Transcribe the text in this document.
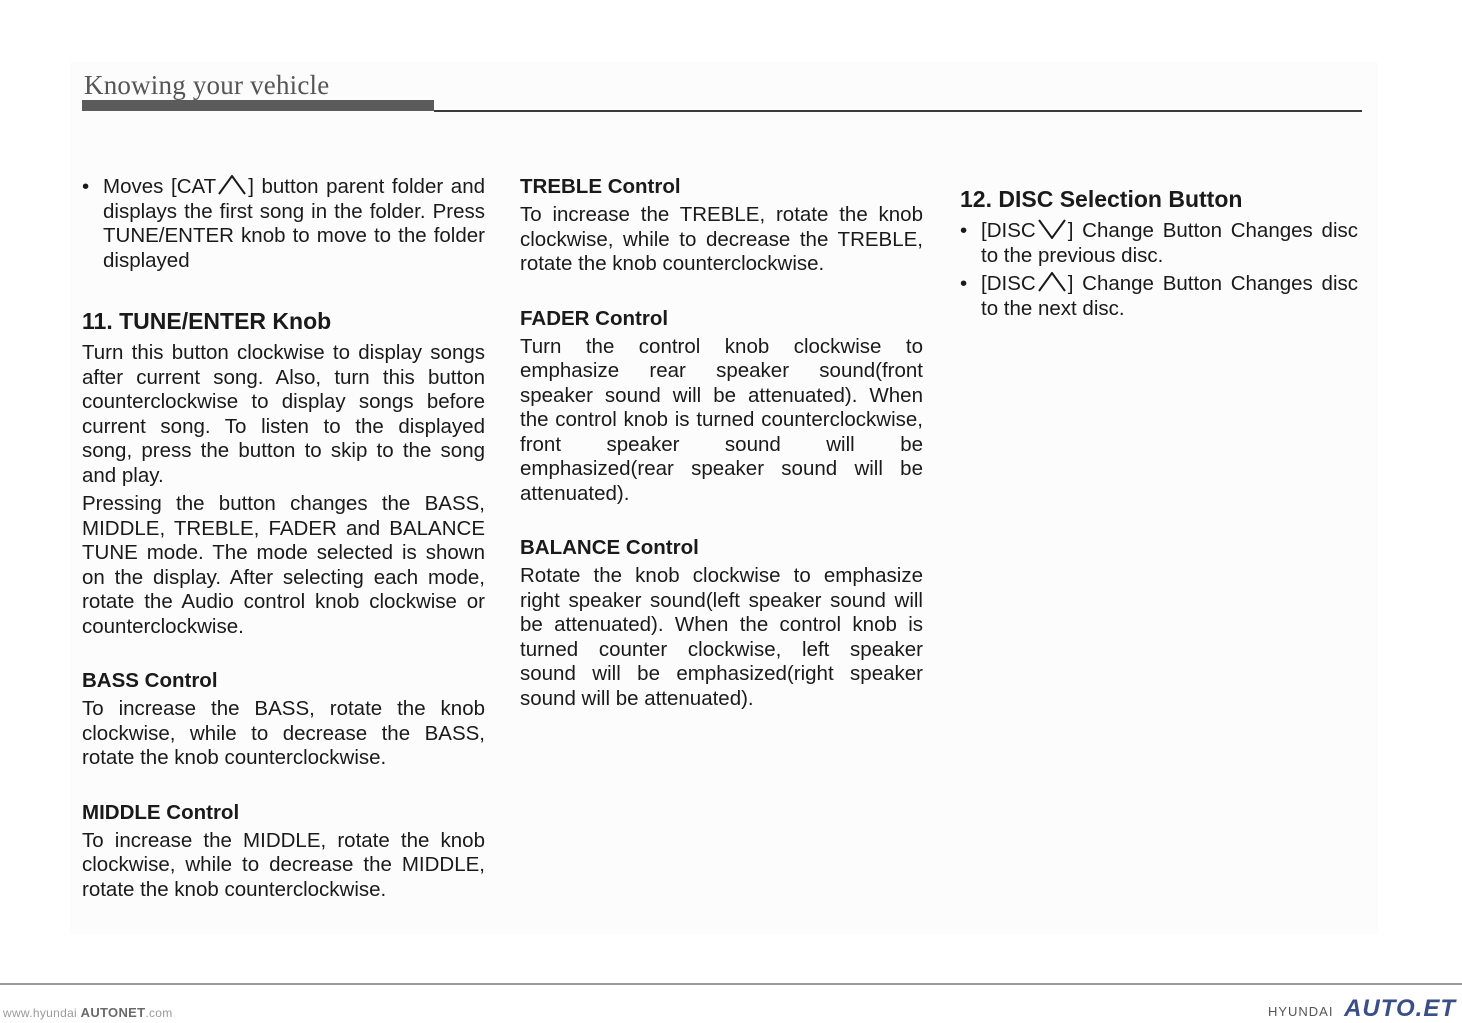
Knowing your vehicle
• Moves [CAT ] button parent folder and displays the first song in the folder. Press TUNE/ENTER knob to move to the folder displayed
11. TUNE/ENTER Knob

Turn this button clockwise to display songs after current song. Also, turn this button counterclockwise to display songs before current song. To listen to the displayed song, press the button to skip to the song and play.

Pressing the button changes the BASS, MIDDLE, TREBLE, FADER and BALANCE TUNE mode. The mode selected is shown on the display. After selecting each mode, rotate the Audio control knob clockwise or counterclockwise.

BASS Control

To increase the BASS, rotate the knob clockwise, while to decrease the BASS, rotate the knob counterclockwise.

MIDDLE Control

To increase the MIDDLE, rotate the knob clockwise, while to decrease the MIDDLE, rotate the knob counterclockwise.

TREBLE Control

To increase the TREBLE, rotate the knob clockwise, while to decrease the TREBLE, rotate the knob counterclockwise.

FADER Control

Turn the control knob clockwise to emphasize rear speaker sound(front speaker sound will be attenuated). When the control knob is turned counterclockwise, front speaker sound will be emphasized(rear speaker sound will be attenuated).

BALANCE Control

Rotate the knob clockwise to emphasize right speaker sound(left speaker sound will be attenuated). When the control knob is turned counter clockwise, left speaker sound will be emphasized(right speaker sound will be attenuated).

12. DISC Selection Button
• [DISC ] Change Button Changes disc to the previous disc.
• [DISC ] Change Button Changes disc to the next disc.
www.hyundai AUTONET.com	HYUNDAI AUTO.ET
